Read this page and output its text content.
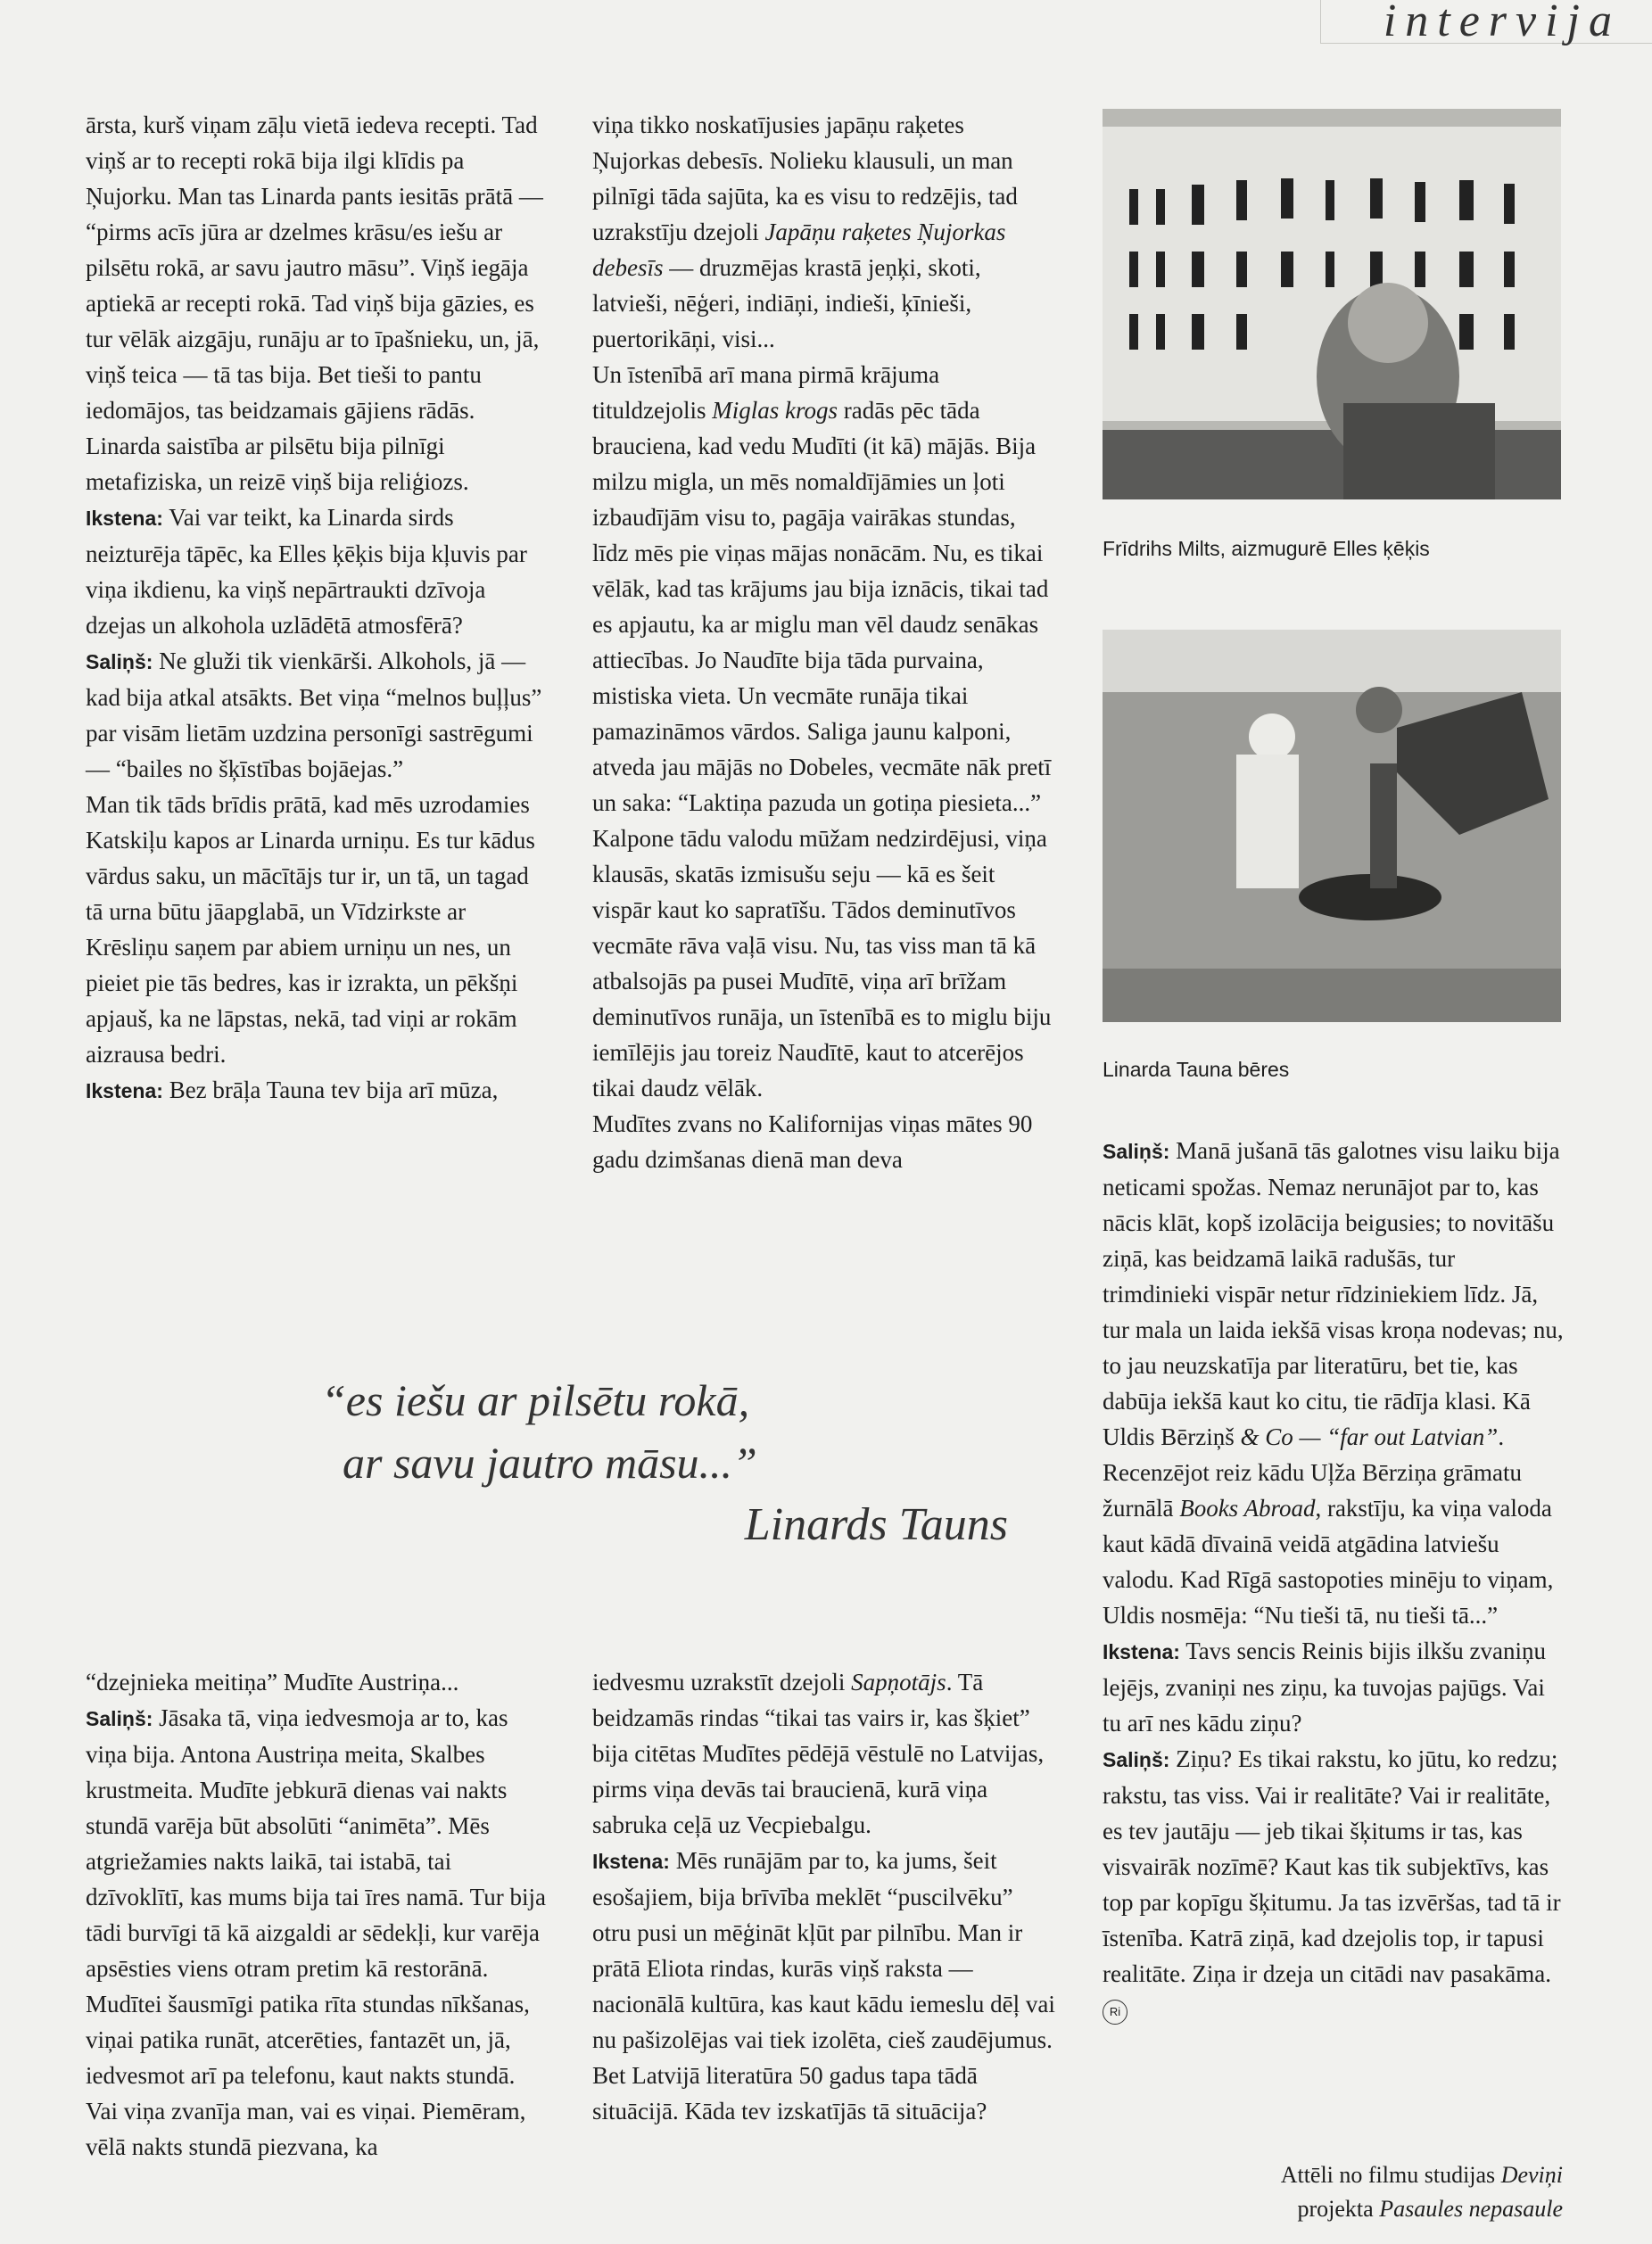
intervija

ārsta, kurš viņam zāļu vietā iedeva recepti. Tad viņš ar to recepti rokā bija ilgi klīdis pa Ņujorku. Man tas Linarda pants iesitās prātā — “pirms acīs jūra ar dzelmes krāsu/es iešu ar pilsētu rokā, ar savu jautro māsu”. Viņš iegāja aptiekā ar recepti rokā. Tad viņš bija gāzies, es tur vēlāk aizgāju, runāju ar to īpašnieku, un, jā, viņš teica — tā tas bija. Bet tieši to pantu iedomājos, tas beidzamais gājiens rādās. Linarda saistība ar pilsētu bija pilnīgi metafiziska, un reizē viņš bija reliģiozs.

Ikstena: Vai var teikt, ka Linarda sirds neizturēja tāpēc, ka Elles ķēķis bija kļuvis par viņa ikdienu, ka viņš nepārtraukti dzīvoja dzejas un alkohola uzlādētā atmosfērā?

Saliņš: Ne gluži tik vienkārši. Alkohols, jā — kad bija atkal atsākts. Bet viņa “melnos buļļus” par visām lietām uzdzina personīgi sastrēgumi — “bailes no šķīstības bojāejas.”

Man tik tāds brīdis prātā, kad mēs uzrodamies Katskiļu kapos ar Linarda urniņu. Es tur kādus vārdus saku, un mācītājs tur ir, un tā, un tagad tā urna būtu jāapglabā, un Vīdzirkste ar Krēsliņu saņem par abiem urniņu un nes, un pieiet pie tās bedres, kas ir izrakta, un pēkšņi apjauš, ka ne lāpstas, nekā, tad viņi ar rokām aizrausa bedri.

Ikstena: Bez brāļa Tauna tev bija arī mūza,

viņa tikko noskatījusies japāņu raķetes Ņujorkas debesīs. Nolieku klausuli, un man pilnīgi tāda sajūta, ka es visu to redzējis, tad uzrakstīju dzejoli Japāņu raķetes Ņujorkas debesīs — druzmējas krastā jeņķi, skoti, latvieši, nēģeri, indiāņi, indieši, ķīnieši, puertorikāņi, visi...

Un īstenībā arī mana pirmā krājuma tituldzejolis Miglas krogs radās pēc tāda brauciena, kad vedu Mudīti (it kā) mājās. Bija milzu migla, un mēs nomaldījāmies un ļoti izbaudījām visu to, pagāja vairākas stundas, līdz mēs pie viņas mājas nonācām. Nu, es tikai vēlāk, kad tas krājums jau bija iznācis, tikai tad es apjautu, ka ar miglu man vēl daudz senākas attiecības. Jo Naudīte bija tāda purvaina, mistiska vieta. Un vecmāte runāja tikai pamazināmos vārdos. Saliga jaunu kalponi, atveda jau mājās no Dobeles, vecmāte nāk pretī un saka: “Laktiņa pazuda un gotiņa piesieta...” Kalpone tādu valodu mūžam nedzirdējusi, viņa klausās, skatās izmisušu seju — kā es šeit vispār kaut ko sapratīšu. Tādos deminutīvos vecmāte rāva vaļā visu. Nu, tas viss man tā kā atbalsojās pa pusei Mudītē, viņa arī brīžam deminutīvos runāja, un īstenībā es to miglu biju iemīlējis jau toreiz Naudītē, kaut to atcerējos tikai daudz vēlāk.

Mudītes zvans no Kalifornijas viņas mātes 90 gadu dzimšanas dienā man deva

Frīdrihs Milts, aizmugurē Elles ķēķis
Linarda Tauna bēres
“es iešu ar pilsētu rokā,
ar savu jautro māsu...”
Linards Tauns

Saliņš: Manā jušanā tās galotnes visu laiku bija neticami spožas. Nemaz nerunājot par to, kas nācis klāt, kopš izolācija beigusies; to novitāšu ziņā, kas beidzamā laikā radušās, tur trimdinieki vispār netur rīdziniekiem līdz. Jā, tur mala un laida iekšā visas kroņa nodevas; nu, to jau neuzskatīja par literatūru, bet tie, kas dabūja iekšā kaut ko citu, tie rādīja klasi. Kā Uldis Bērziņš & Co — “far out Latvian”. Recenzējot reiz kādu Uļža Bērziņa grāmatu žurnālā Books Abroad, rakstīju, ka viņa valoda kaut kādā dīvainā veidā atgādina latviešu valodu. Kad Rīgā sastopoties minēju to viņam, Uldis nosmēja: “Nu tieši tā, nu tieši tā...”

Ikstena: Tavs sencis Reinis bijis ilkšu zvaniņu lejējs, zvaniņi nes ziņu, ka tuvojas pajūgs. Vai tu arī nes kādu ziņu?

Saliņš: Ziņu? Es tikai rakstu, ko jūtu, ko redzu; rakstu, tas viss. Vai ir realitāte? Vai ir realitāte, es tev jautāju — jeb tikai šķitums ir tas, kas visvairāk nozīmē? Kaut kas tik subjektīvs, kas top par kopīgu šķitumu. Ja tas izvēršas, tad tā ir īstenība. Katrā ziņā, kad dzejolis top, ir tapusi realitāte. Ziņa ir dzeja un citādi nav pasakāma. Ri

“dzejnieka meitiņa” Mudīte Austriņa...

Saliņš: Jāsaka tā, viņa iedvesmoja ar to, kas viņa bija. Antona Austriņa meita, Skalbes krustmeita. Mudīte jebkurā dienas vai nakts stundā varēja būt absolūti “animēta”. Mēs atgriežamies nakts laikā, tai istabā, tai dzīvoklītī, kas mums bija tai īres namā. Tur bija tādi burvīgi tā kā aizgaldi ar sēdekļi, kur varēja apsēsties viens otram pretim kā restorānā. Mudītei šausmīgi patika rīta stundas nīkšanas, viņai patika runāt, atcerēties, fantazēt un, jā, iedvesmot arī pa telefonu, kaut nakts stundā. Vai viņa zvanīja man, vai es viņai. Piemēram, vēlā nakts stundā piezvana, ka

iedvesmu uzrakstīt dzejoli Sapņotājs. Tā beidzamās rindas “tikai tas vairs ir, kas šķiet” bija citētas Mudītes pēdējā vēstulē no Latvijas, pirms viņa devās tai braucienā, kurā viņa sabruka ceļā uz Vecpiebalgu.

Ikstena: Mēs runājām par to, ka jums, šeit esošajiem, bija brīvība meklēt “puscilvēku” otru pusi un mēģināt kļūt par pilnību. Man ir prātā Eliota rindas, kurās viņš raksta — nacionālā kultūra, kas kaut kādu iemeslu dēļ vai nu pašizolējas vai tiek izolēta, cieš zaudējumus. Bet Latvijā literatūra 50 gadus tapa tādā situācijā. Kāda tev izskatījās tā situācija?

Attēli no filmu studijas Deviņi
projekta Pasaules nepasaule
